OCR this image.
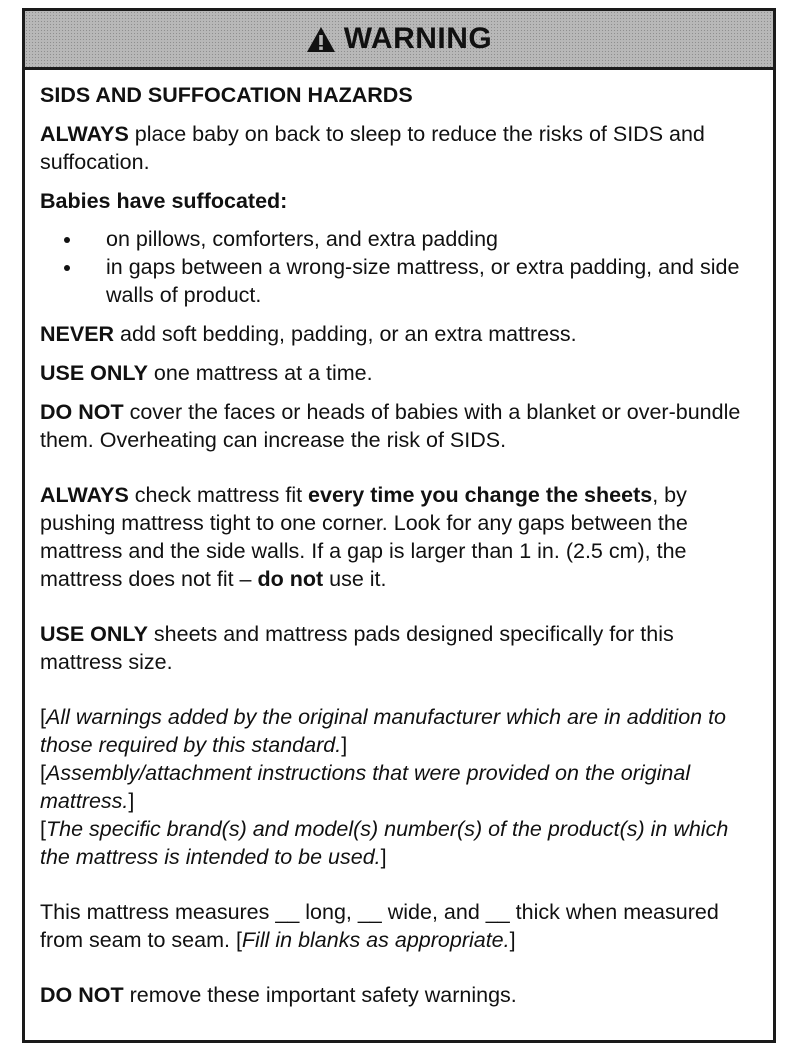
WARNING

SIDS AND SUFFOCATION HAZARDS

ALWAYS place baby on back to sleep to reduce the risks of SIDS and suffocation.

Babies have suffocated:

on pillows, comforters, and extra padding
in gaps between a wrong-size mattress, or extra padding, and side walls of product.

NEVER add soft bedding, padding, or an extra mattress.

USE ONLY one mattress at a time.

DO NOT cover the faces or heads of babies with a blanket or over-bundle them. Overheating can increase the risk of SIDS.

ALWAYS check mattress fit every time you change the sheets, by pushing mattress tight to one corner. Look for any gaps between the mattress and the side walls. If a gap is larger than 1 in. (2.5 cm), the mattress does not fit – do not use it.

USE ONLY sheets and mattress pads designed specifically for this mattress size.

[All warnings added by the original manufacturer which are in addition to those required by this standard.]

[Assembly/attachment instructions that were provided on the original mattress.]

[The specific brand(s) and model(s) number(s) of the product(s) in which the mattress is intended to be used.]

This mattress measures __ long, __ wide, and __ thick when measured from seam to seam. [Fill in blanks as appropriate.]

DO NOT remove these important safety warnings.
